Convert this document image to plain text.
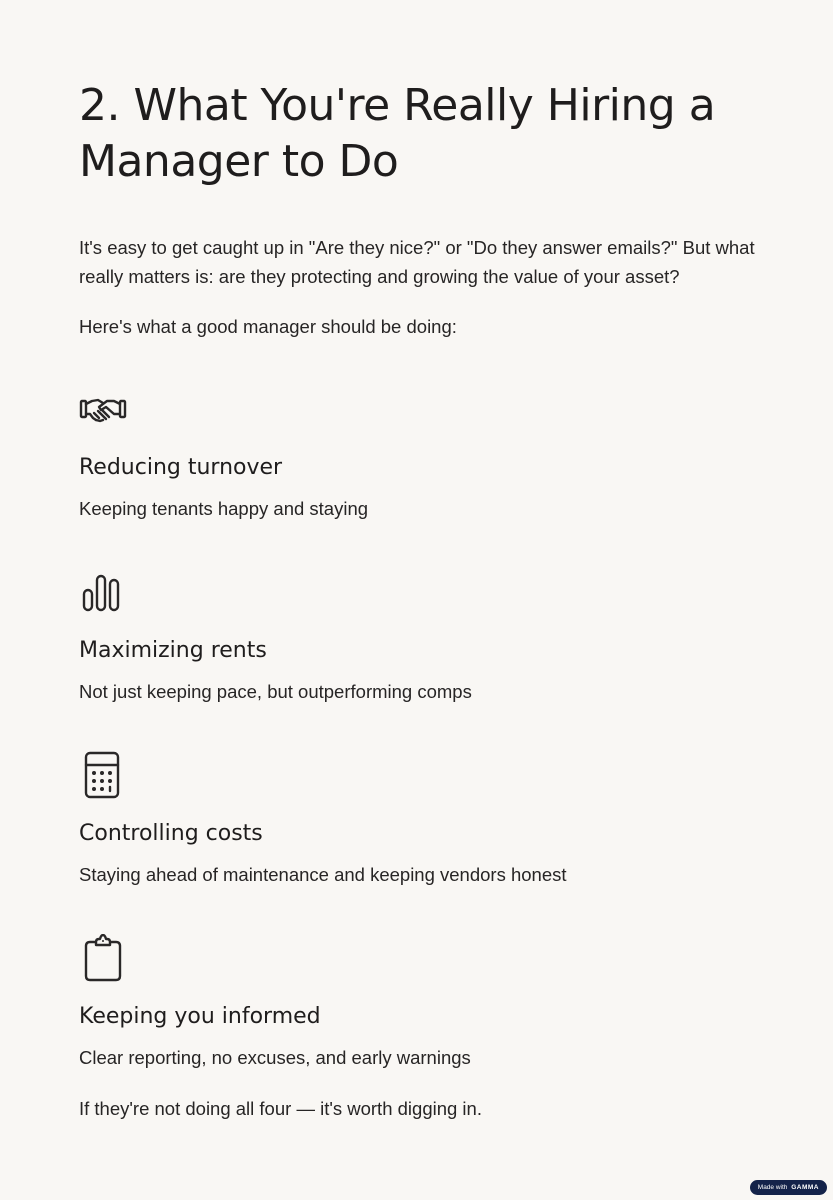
2. What You're Really Hiring a Manager to Do

It's easy to get caught up in "Are they nice?" or "Do they answer emails?" But what really matters is: are they protecting and growing the value of your asset?

Here's what a good manager should be doing:

Reducing turnover

Keeping tenants happy and staying

Maximizing rents

Not just keeping pace, but outperforming comps

Controlling costs

Staying ahead of maintenance and keeping vendors honest

Keeping you informed

Clear reporting, no excuses, and early warnings

If they're not doing all four — it's worth digging in.

Made with GAMMA
